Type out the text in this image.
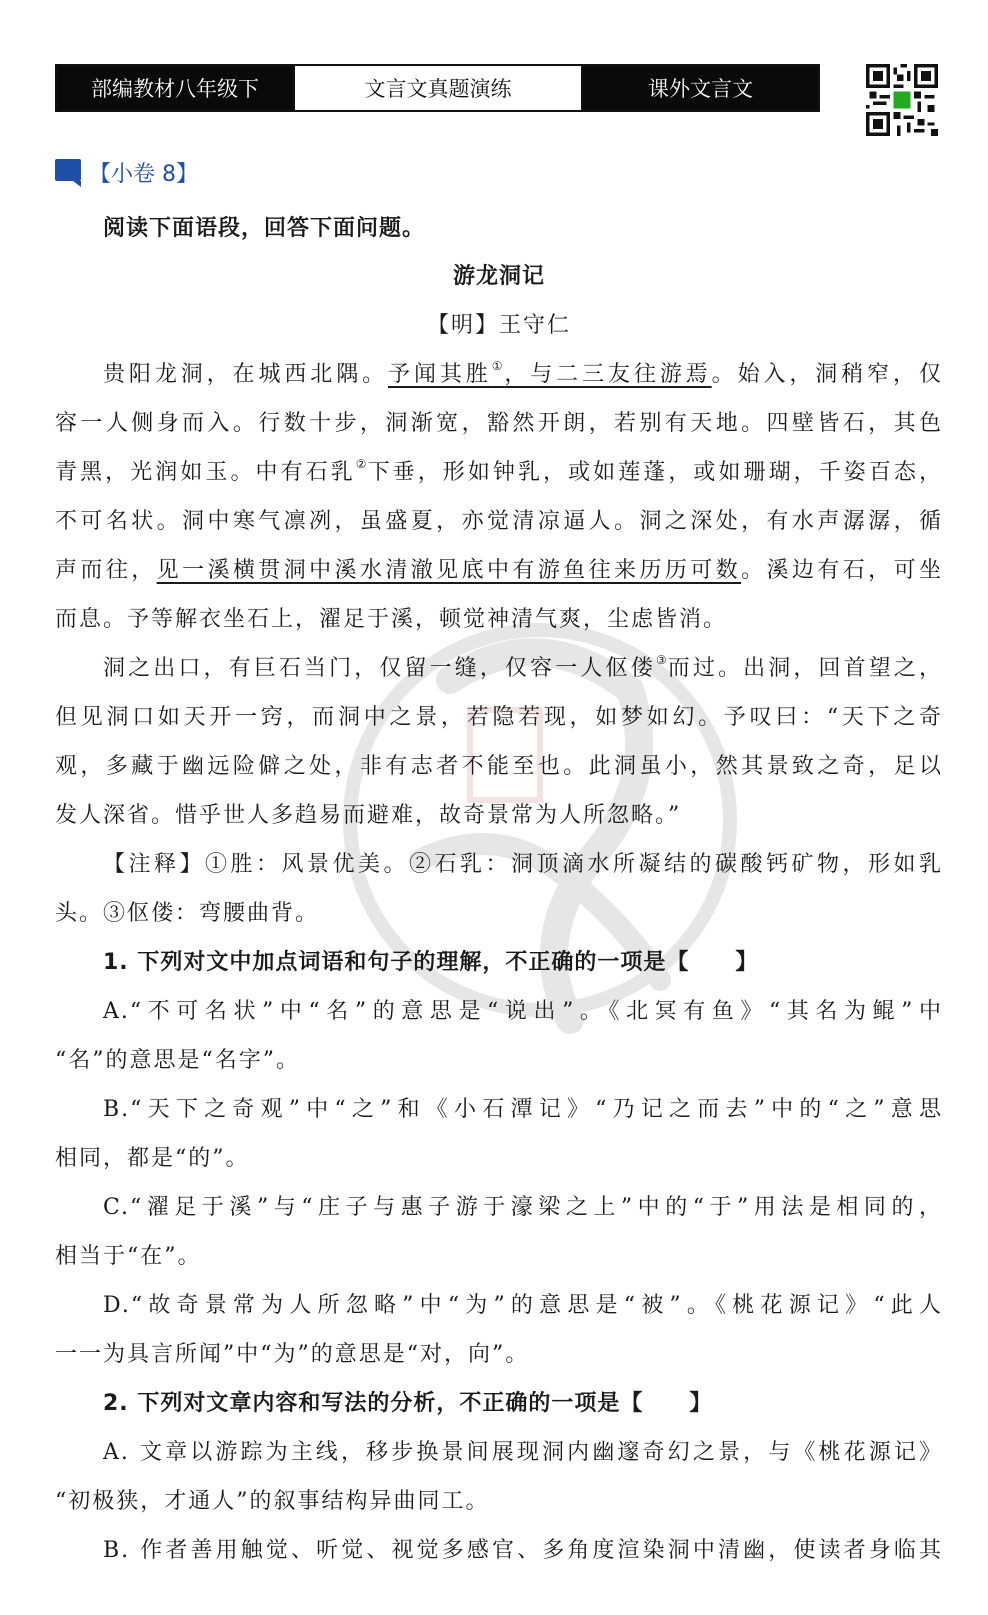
部编教材八年级下	文言文真题演练	课外文言文
【小卷 8】
阅读下面语段，回答下面问题。
游龙洞记
【明】王守仁
贵阳龙洞，在城西北隅。予闻其胜①，与二三友往游焉。始入，洞稍窄，仅
容一人侧身而入。行数十步，洞渐宽，豁然开朗，若别有天地。四壁皆石，其色
青黑，光润如玉。中有石乳②下垂，形如钟乳，或如莲蓬，或如珊瑚，千姿百态，
不可名状。洞中寒气凛冽，虽盛夏，亦觉清凉逼人。洞之深处，有水声潺潺，循
声而往，见一溪横贯洞中溪水清澈见底中有游鱼往来历历可数。溪边有石，可坐
而息。予等解衣坐石上，濯足于溪，顿觉神清气爽，尘虑皆消。
洞之出口，有巨石当门，仅留一缝，仅容一人伛偻③而过。出洞，回首望之，
但见洞口如天开一窍，而洞中之景，若隐若现，如梦如幻。予叹曰：“天下之奇
观，多藏于幽远险僻之处，非有志者不能至也。此洞虽小，然其景致之奇，足以
发人深省。惜乎世人多趋易而避难，故奇景常为人所忽略。”
【注释】①胜：风景优美。②石乳：洞顶滴水所凝结的碳酸钙矿物，形如乳
头。③伛偻：弯腰曲背。
1. 下列对文中加点词语和句子的理解，不正确的一项是【　　】
A.“不可名状”中“名”的意思是“说出”。《北冥有鱼》“其名为鲲”中
“名”的意思是“名字”。
B.“天下之奇观”中“之”和《小石潭记》“乃记之而去”中的“之”意思
相同，都是“的”。
C.“濯足于溪”与“庄子与惠子游于濠梁之上”中的“于”用法是相同的，
相当于“在”。
D.“故奇景常为人所忽略”中“为”的意思是“被”。《桃花源记》“此人
一一为具言所闻”中“为”的意思是“对，向”。
2. 下列对文章内容和写法的分析，不正确的一项是【　　】
A. 文章以游踪为主线，移步换景间展现洞内幽邃奇幻之景，与《桃花源记》
“初极狭，才通人”的叙事结构异曲同工。
B. 作者善用触觉、听觉、视觉多感官、多角度渲染洞中清幽，使读者身临其
